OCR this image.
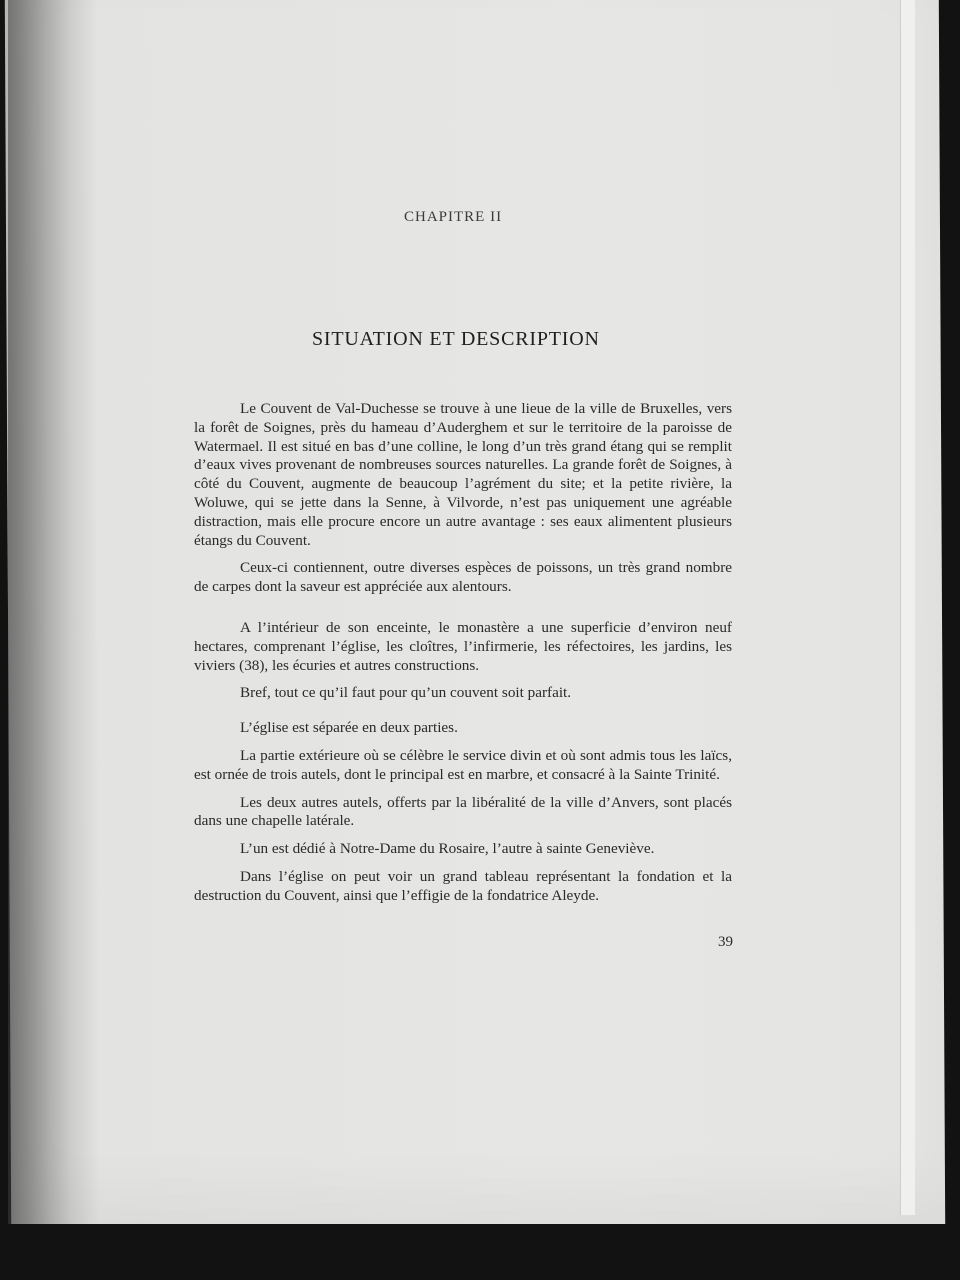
CHAPITRE II
SITUATION ET DESCRIPTION

Le Couvent de Val-Duchesse se trouve à une lieue de la ville de Bruxelles, vers la forêt de Soignes, près du hameau d’Auderghem et sur le territoire de la paroisse de Watermael. Il est situé en bas d’une colline, le long d’un très grand étang qui se remplit d’eaux vives provenant de nombreuses sources naturelles. La grande forêt de Soignes, à côté du Couvent, augmente de beaucoup l’agrément du site; et la petite rivière, la Woluwe, qui se jette dans la Senne, à Vilvorde, n’est pas uniquement une agréable distraction, mais elle procure encore un autre avantage : ses eaux alimentent plusieurs étangs du Couvent.

Ceux-ci contiennent, outre diverses espèces de poissons, un très grand nombre de carpes dont la saveur est appréciée aux alentours.

A l’intérieur de son enceinte, le monastère a une superficie d’environ neuf hectares, comprenant l’église, les cloîtres, l’infirmerie, les réfectoires, les jardins, les viviers (38), les écuries et autres constructions.

Bref, tout ce qu’il faut pour qu’un couvent soit parfait.

L’église est séparée en deux parties.

La partie extérieure où se célèbre le service divin et où sont admis tous les laïcs, est ornée de trois autels, dont le principal est en marbre, et consacré à la Sainte Trinité.

Les deux autres autels, offerts par la libéralité de la ville d’Anvers, sont placés dans une chapelle latérale.

L’un est dédié à Notre-Dame du Rosaire, l’autre à sainte Geneviève.

Dans l’église on peut voir un grand tableau représentant la fondation et la destruction du Couvent, ainsi que l’effigie de la fondatrice Aleyde.

39
